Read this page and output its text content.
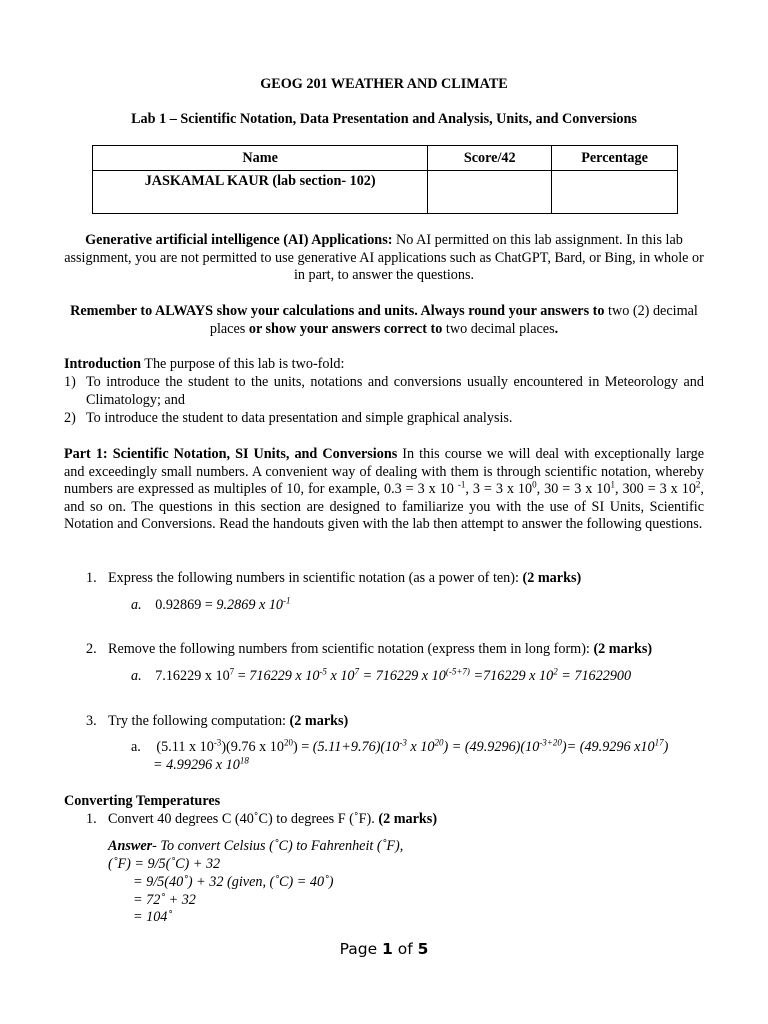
GEOG 201 WEATHER AND CLIMATE
Lab 1 – Scientific Notation, Data Presentation and Analysis, Units, and Conversions
Name	Score/42	Percentage
JASKAMAL KAUR (lab section- 102)		
Generative artificial intelligence (AI) Applications: No AI permitted on this lab assignment. In this lab assignment, you are not permitted to use generative AI applications such as ChatGPT, Bard, or Bing, in whole or in part, to answer the questions.
Remember to ALWAYS show your calculations and units. Always round your answers to two (2) decimal places or show your answers correct to two decimal places.
Introduction The purpose of this lab is two-fold:
1) To introduce the student to the units, notations and conversions usually encountered in Meteorology and Climatology; and
2) To introduce the student to data presentation and simple graphical analysis.
Part 1: Scientific Notation, SI Units, and Conversions In this course we will deal with exceptionally large and exceedingly small numbers. A convenient way of dealing with them is through scientific notation, whereby numbers are expressed as multiples of 10, for example, 0.3 = 3 x 10 $^{-1}$, 3 = 3 x $10^0$, 30 = 3 x $10^1$, 300 = 3 x $10^2$, and so on. The questions in this section are designed to familiarize you with the use of SI Units, Scientific Notation and Conversions. Read the handouts given with the lab then attempt to answer the following questions.
1. Express the following numbers in scientific notation (as a power of ten): (2 marks)
a. 0.92869 = 9.2869 x $10^{-1}$
2. Remove the following numbers from scientific notation (express them in long form): (2 marks)
a. 7.16229 x $10^7 = 716229$ x $10^{-5}$ x $10^7 = 716229$ x $10^{(-5+7)} =716229$ x $10^2 = 71622900$
3. Try the following computation: (2 marks)
a. (5.11 x $10^{-3})(9.76$ x $10^{20}) = (5.11+9.76)(10^{-3}$ x $10^{20}) = (49.9296)(10^{-3+20})= (49.9296$ $x10^{17}$)
= 4.99296 x $10^{18}$
Converting Temperatures
1. Convert 40 degrees C (40˚C) to degrees F (˚F). (2 marks)
Answer- To convert Celsius (˚C) to Fahrenheit (˚F),
(˚F) = 9/5(˚C) + 32
= 9/5(40˚) + 32 (given, (˚C) = 40˚)
= 72˚ + 32
= 104˚
Page 1 of 5
